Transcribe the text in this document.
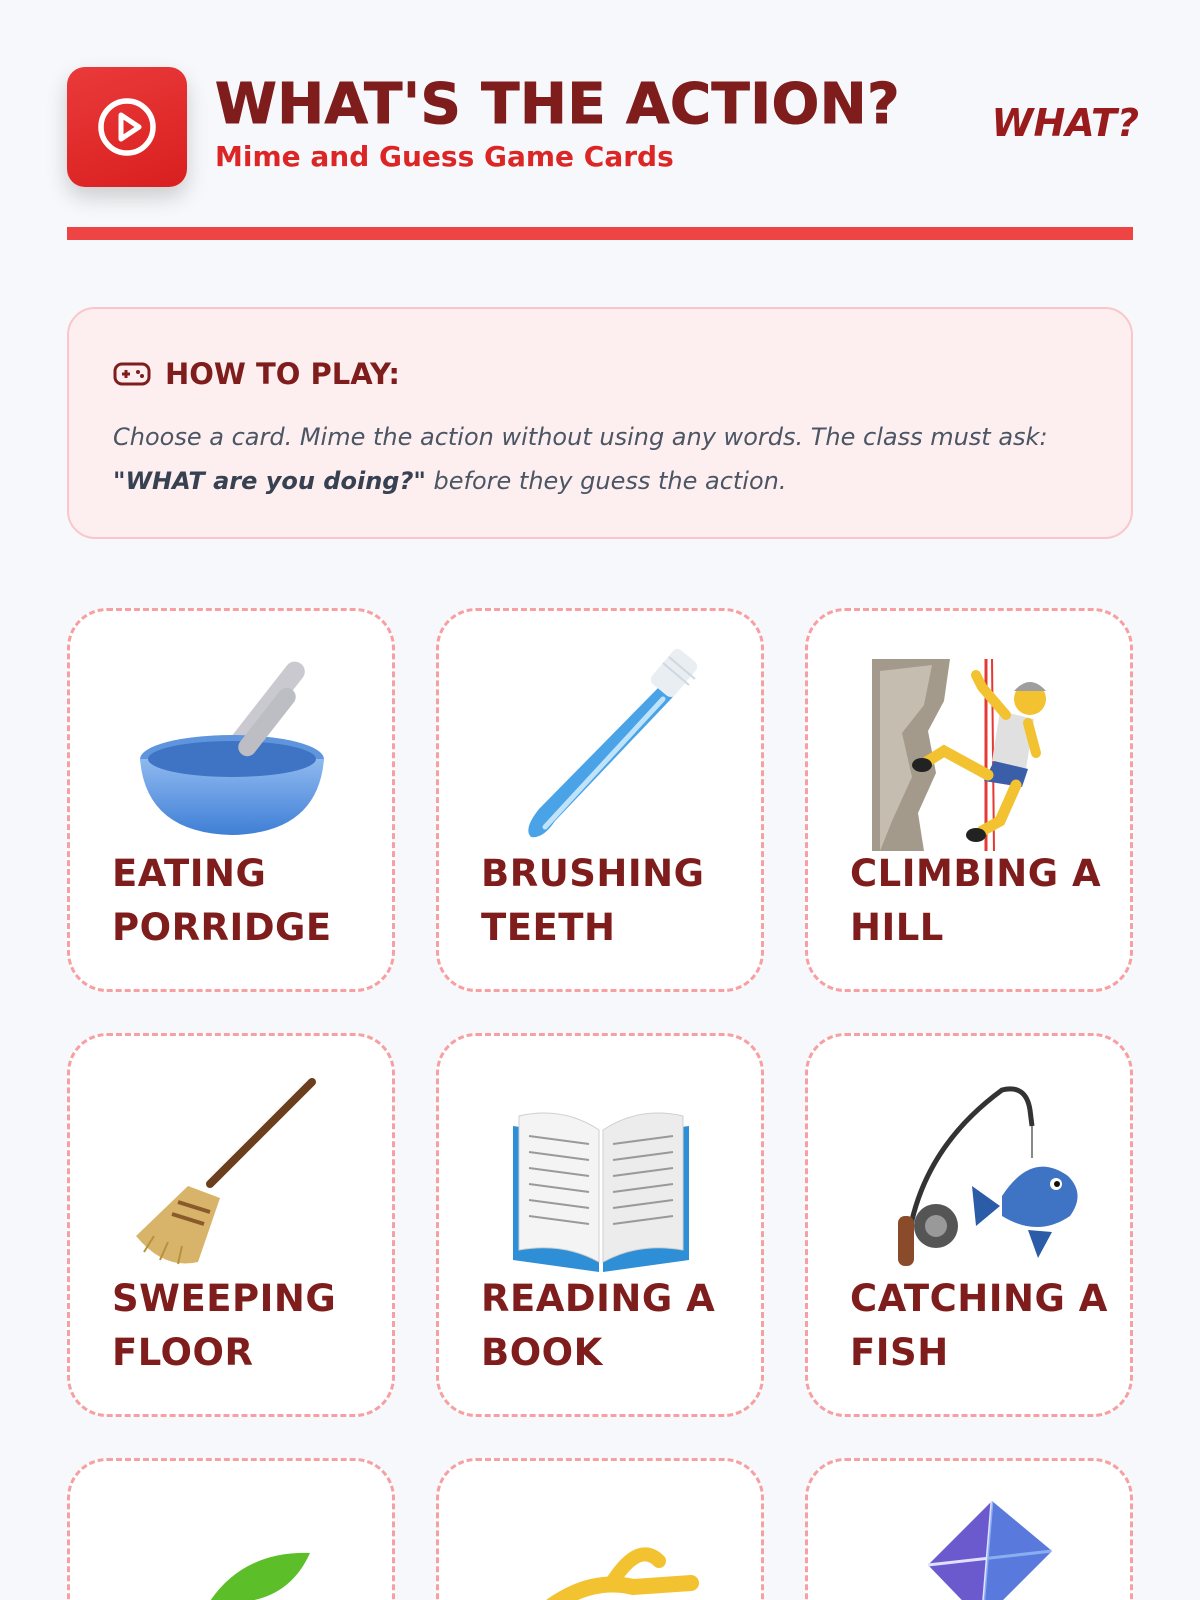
WHAT'S THE ACTION?
Mime and Guess Game Cards
WHAT?
HOW TO PLAY:

Choose a card. Mime the action without using any words. The class must ask: "WHAT are you doing?" before they guess the action.

EATING PORRIDGE
BRUSHING TEETH
CLIMBING A HILL
SWEEPING FLOOR
READING A BOOK
CATCHING A FISH
